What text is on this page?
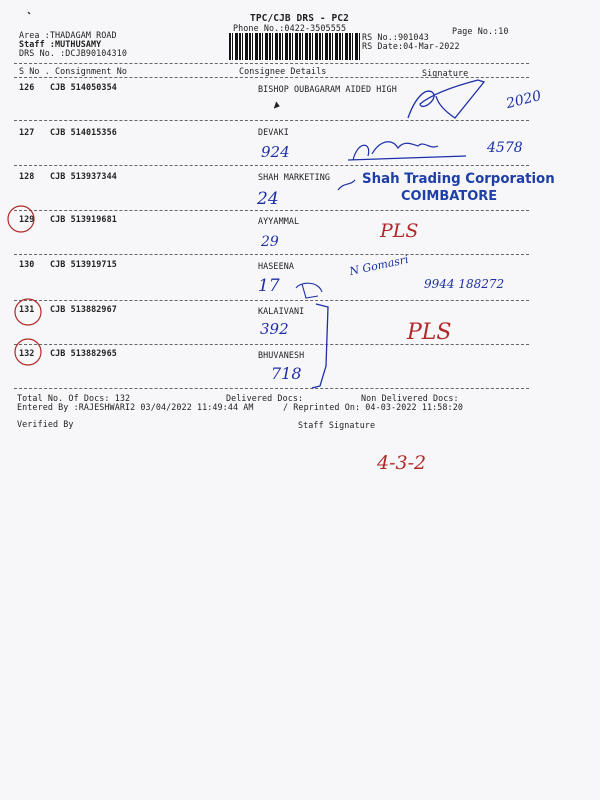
TPC/CJB DRS - PC2
Phone No.:0422-3505555	Page No.:10
Area :THADAGAM ROAD
Staff :MUTHUSAMY
DRS No. :DCJB90104310
RS No.:901043
RS Date:04-Mar-2022
S No . Consignment No	Consignee Details	Signature
126 CJB 514050354	BISHOP OUBAGARAM AIDED HIGH
127 CJB 514015356	DEVAKI
128 CJB 513937344	SHAH MARKETING
129 CJB 513919681	AYYAMMAL
130 CJB 513919715	HASEENA
131 CJB 513882967	KALAIVANI
132 CJB 513882965	BHUVANESH
Total No. Of Docs: 132	Delivered Docs:	Non Delivered Docs:
Entered By :RAJESHWARI2 03/04/2022 11:49:44 AM	/ Reprinted On: 04-03-2022 11:58:20
Verified By	Staff Signature
Shah Trading Corporation
COIMBATORE
2020
924	4578
24
29	PLS
17
N Gomasri
9944 188272
392	PLS
718
4-3-2
